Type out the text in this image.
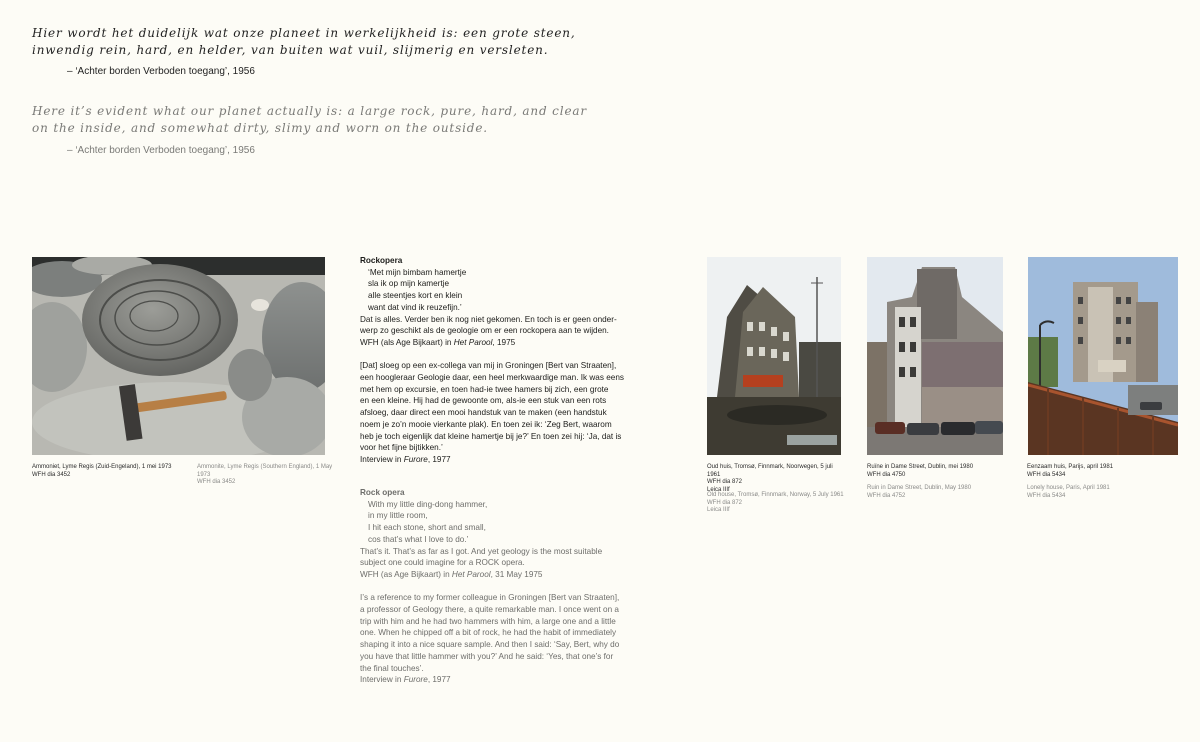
Hier wordt het duidelijk wat onze planeet in werkelijkheid is: een grote steen,
inwendig rein, hard, en helder, van buiten wat vuil, slijmerig en versleten.
– ‘Achter borden Verboden toegang’, 1956
Here it’s evident what our planet actually is: a large rock, pure, hard, and clear
on the inside, and somewhat dirty, slimy and worn on the outside.
– ‘Achter borden Verboden toegang’, 1956
Ammoniet, Lyme Regis (Zuid-Engeland), 1 mei 1973
WFH dia 3452
Ammonite, Lyme Regis (Southern England), 1 May 1973
WFH dia 3452
Rockopera
‘Met mijn bimbam hamertje
sla ik op mijn kamertje
alle steentjes kort en klein
want dat vind ik reuzefijn.’
Dat is alles. Verder ben ik nog niet gekomen. En toch is er geen onder-
werp zo geschikt als de geologie om er een rockopera aan te wijden.
WFH (als Age Bijkaart) in Het Parool, 1975
[Dat] sloeg op een ex-collega van mij in Groningen [Bert van Straaten],
een hoogleraar Geologie daar, een heel merkwaardige man. Ik was eens
met hem op excursie, en toen had-ie twee hamers bij zich, een grote
en een kleine. Hij had de gewoonte om, als-ie een stuk van een rots
afsloeg, daar direct een mooi handstuk van te maken (een handstuk
noem je zo’n mooie vierkante plak). En toen zei ik: ‘Zeg Bert, waarom
heb je toch eigenlijk dat kleine hamertje bij je?’ En toen zei hij: ‘Ja, dat is
voor het fijne bijtikken.’
Interview in Furore, 1977
Rock opera
With my little ding-dong hammer,
in my little room,
I hit each stone, short and small,
cos that’s what I love to do.’
That’s it. That’s as far as I got. And yet geology is the most suitable
subject one could imagine for a ROCK opera.
WFH (as Age Bijkaart) in Het Parool, 31 May 1975
I’s a reference to my former colleague in Groningen [Bert van Straaten],
a professor of Geology there, a quite remarkable man. I once went on a
trip with him and he had two hammers with him, a large one and a little
one. When he chipped off a bit of rock, he had the habit of immediately
shaping it into a nice square sample. And then I said: ‘Say, Bert, why do
you have that little hammer with you?’ And he said: ‘Yes, that one’s for
the final touches’.
Interview in Furore, 1977
Oud huis, Tromsø, Finnmark, Noorwegen, 5 juli 1961
WFH dia 872
Leica IIIf
Old house, Tromsø, Finnmark, Norway, 5 July 1961
WFH dia 872
Leica IIIf
Ruïne in Dame Street, Dublin, mei 1980
WFH dia 4750
Ruin in Dame Street, Dublin, May 1980
WFH dia 4752
Eenzaam huis, Parijs, april 1981
WFH dia 5434
Lonely house, Paris, April 1981
WFH dia 5434
